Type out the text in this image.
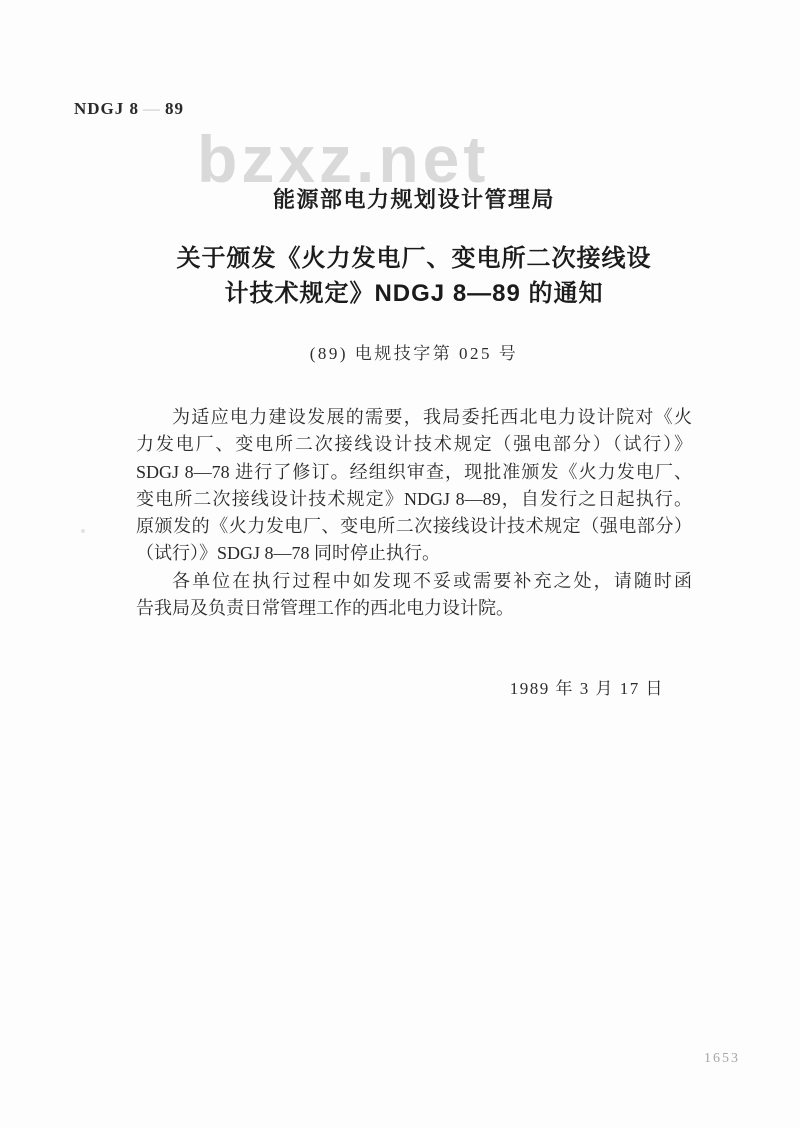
NDGJ 8 — 89
bzxz.net
能源部电力规划设计管理局
关于颁发《火力发电厂、变电所二次接线设
计技术规定》NDGJ 8—89 的通知
(89) 电规技字第 025 号
为适应电力建设发展的需要，我局委托西北电力设计院对《火
力发电厂、变电所二次接线设计技术规定（强电部分）（试行）》
SDGJ 8—78 进行了修订。经组织审查，现批准颁发《火力发电厂、
变电所二次接线设计技术规定》NDGJ 8—89，自发行之日起执行。
原颁发的《火力发电厂、变电所二次接线设计技术规定（强电部分）
（试行）》SDGJ 8—78 同时停止执行。
各单位在执行过程中如发现不妥或需要补充之处，请随时函
告我局及负责日常管理工作的西北电力设计院。
1989 年 3 月 17 日
1653
